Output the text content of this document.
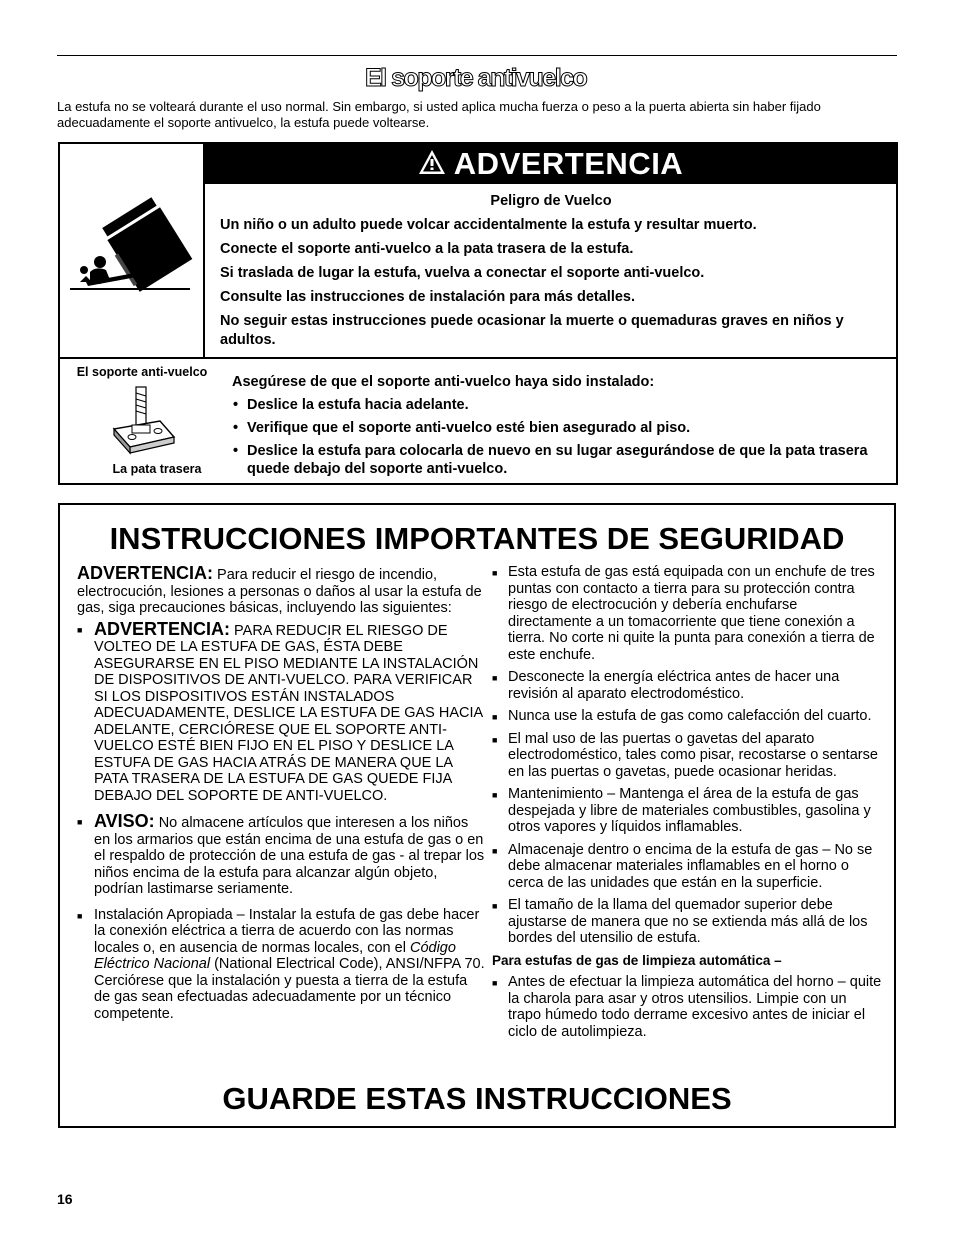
El soporte antivuelco
La estufa no se volteará durante el uso normal. Sin embargo, si usted aplica mucha fuerza o peso a la puerta abierta sin haber fijado adecuadamente el soporte antivuelco, la estufa puede voltearse.
ADVERTENCIA
Peligro de Vuelco

Un niño o un adulto puede volcar accidentalmente la estufa y resultar muerto.

Conecte el soporte anti-vuelco a la pata trasera de la estufa.

Si traslada de lugar la estufa, vuelva a conectar el soporte anti-vuelco.

Consulte las instrucciones de instalación para más detalles.

No seguir estas instrucciones puede ocasionar la muerte o quemaduras graves en niños y adultos.

El soporte anti-vuelco
La pata trasera
Asegúrese de que el soporte anti-vuelco haya sido instalado:
• Deslice la estufa hacia adelante.
• Verifique que el soporte anti-vuelco esté bien asegurado al piso.
• Deslice la estufa para colocarla de nuevo en su lugar asegurándose de que la pata trasera quede debajo del soporte anti-vuelco.
INSTRUCCIONES IMPORTANTES DE SEGURIDAD
ADVERTENCIA: Para reducir el riesgo de incendio, electrocución, lesiones a personas o daños al usar la estufa de gas, siga precauciones básicas, incluyendo las siguientes:
■ ADVERTENCIA: PARA REDUCIR EL RIESGO DE VOLTEO DE LA ESTUFA DE GAS, ÉSTA DEBE ASEGURARSE EN EL PISO MEDIANTE LA INSTALACIÓN DE DISPOSITIVOS DE ANTI-VUELCO. PARA VERIFICAR SI LOS DISPOSITIVOS ESTÁN INSTALADOS ADECUADAMENTE, DESLICE LA ESTUFA DE GAS HACIA ADELANTE, CERCIÓRESE QUE EL SOPORTE ANTI-VUELCO ESTÉ BIEN FIJO EN EL PISO Y DESLICE LA ESTUFA DE GAS HACIA ATRÁS DE MANERA QUE LA PATA TRASERA DE LA ESTUFA DE GAS QUEDE FIJA DEBAJO DEL SOPORTE DE ANTI-VUELCO.
■ AVISO: No almacene artículos que interesen a los niños en los armarios que están encima de una estufa de gas o en el respaldo de protección de una estufa de gas - al trepar los niños encima de la estufa para alcanzar algún objeto, podrían lastimarse seriamente.
■ Instalación Apropiada – Instalar la estufa de gas debe hacer la conexión eléctrica a tierra de acuerdo con las normas locales o, en ausencia de normas locales, con el Código Eléctrico Nacional (National Electrical Code), ANSI/NFPA 70. Cerciórese que la instalación y puesta a tierra de la estufa de gas sean efectuadas adecuadamente por un técnico competente.
■ Esta estufa de gas está equipada con un enchufe de tres puntas con contacto a tierra para su protección contra riesgo de electrocución y debería enchufarse directamente a un tomacorriente que tiene conexión a tierra. No corte ni quite la punta para conexión a tierra de este enchufe.
■ Desconecte la energía eléctrica antes de hacer una revisión al aparato electrodoméstico.
■ Nunca use la estufa de gas como calefacción del cuarto.
■ El mal uso de las puertas o gavetas del aparato electrodoméstico, tales como pisar, recostarse o sentarse en las puertas o gavetas, puede ocasionar heridas.
■ Mantenimiento – Mantenga el área de la estufa de gas despejada y libre de materiales combustibles, gasolina y otros vapores y líquidos inflamables.
■ Almacenaje dentro o encima de la estufa de gas – No se debe almacenar materiales inflamables en el horno o cerca de las unidades que están en la superficie.
■ El tamaño de la llama del quemador superior debe ajustarse de manera que no se extienda más allá de los bordes del utensilio de estufa.
Para estufas de gas de limpieza automática –
■ Antes de efectuar la limpieza automática del horno – quite la charola para asar y otros utensilios. Limpie con un trapo húmedo todo derrame excesivo antes de iniciar el ciclo de autolimpieza.
GUARDE ESTAS INSTRUCCIONES
16
